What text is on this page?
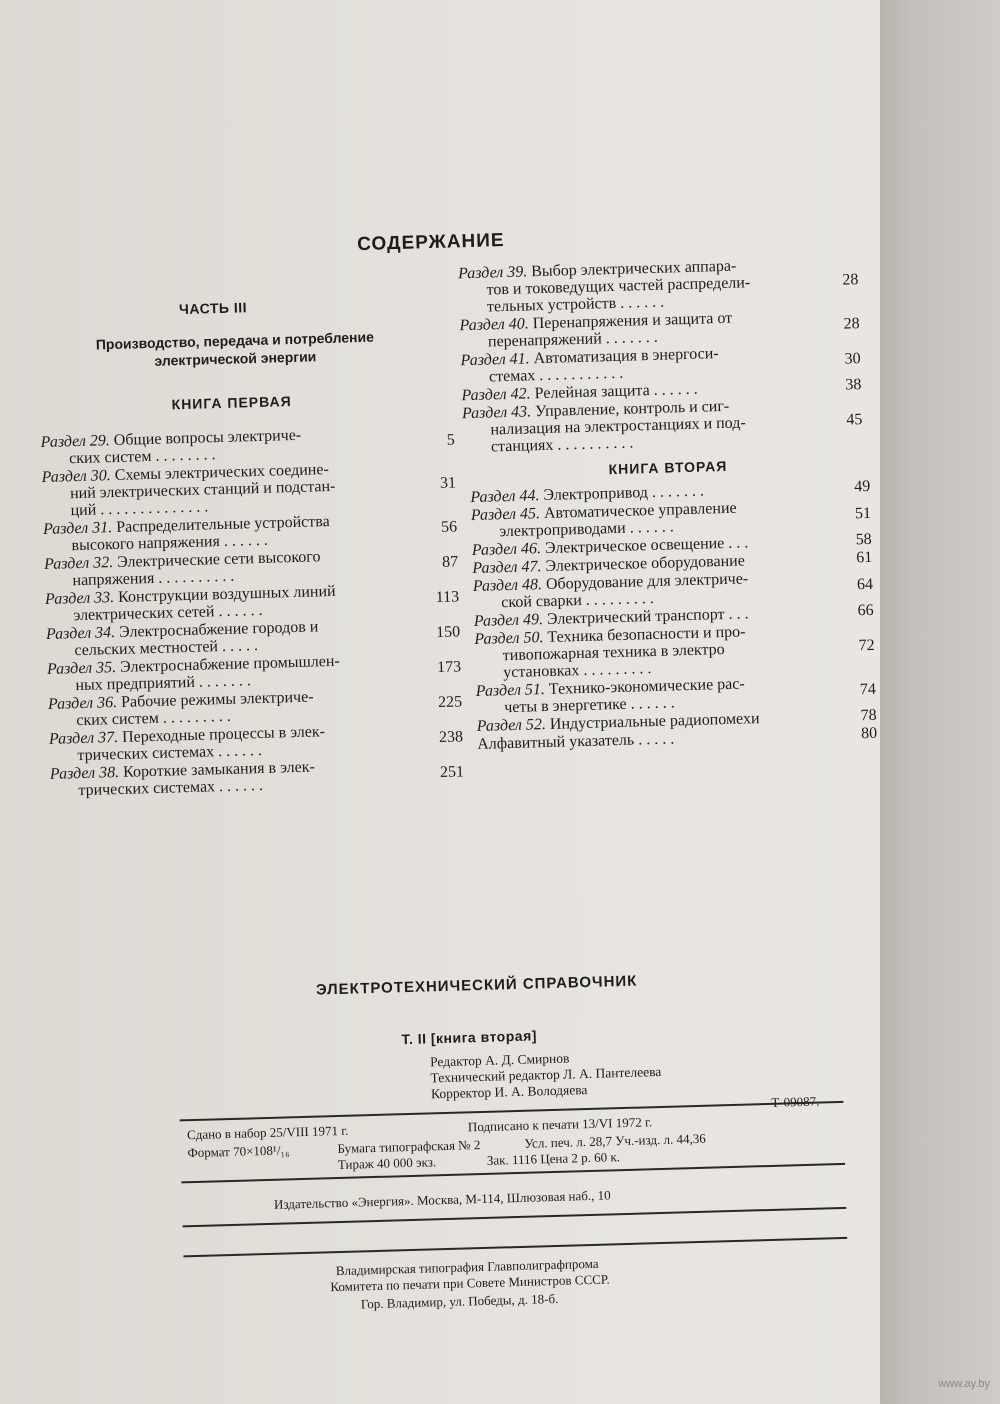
СОДЕРЖАНИЕ
ЧАСТЬ III
Производство, передача и потребление
электрической энергии
КНИГА ПЕРВАЯ
Раздел 29. Общие вопросы электриче-
ских систем . . . . . . . .
5
Раздел 30. Схемы электрических соедине-
ний электрических станций и подстан-
ций . . . . . . . . . . . . . .
31
Раздел 31. Распределительные устройства
высокого напряжения . . . . . .
56
Раздел 32. Электрические сети высокого
напряжения . . . . . . . . . .
87
Раздел 33. Конструкции воздушных линий
электрических сетей . . . . . .
113
Раздел 34. Электроснабжение городов и
сельских местностей . . . . .
150
Раздел 35. Электроснабжение промышлен-
ных предприятий . . . . . . .
173
Раздел 36. Рабочие режимы электриче-
ских систем . . . . . . . . .
225
Раздел 37. Переходные процессы в элек-
трических системах . . . . . .
238
Раздел 38. Короткие замыкания в элек-
трических системах . . . . . .
251
Раздел 39. Выбор электрических аппара-
тов и токоведущих частей распредели-
тельных устройств . . . . . .
28
Раздел 40. Перенапряжения и защита от
перенапряжений . . . . . . .
28
Раздел 41. Автоматизация в энергоси-
стемах . . . . . . . . . . .
30
Раздел 42. Релейная защита . . . . . .	38
Раздел 43. Управление, контроль и сиг-
нализация на электростанциях и под-
станциях . . . . . . . . . .
45
КНИГА ВТОРАЯ
Раздел 44. Электропривод . . . . . . .	49
Раздел 45. Автоматическое управление
электроприводами . . . . . .
51
Раздел 46. Электрическое освещение . . .	58
Раздел 47. Электрическое оборудование	61
Раздел 48. Оборудование для электриче-
ской сварки . . . . . . . . .
64
Раздел 49. Электрический транспорт . . .	66
Раздел 50. Техника безопасности и про-
тивопожарная техника в электро
установках . . . . . . . . .
72
Раздел 51. Технико-экономические рас-
четы в энергетике . . . . . .
74
Раздел 52. Индустриальные радиопомехи	78
Алфавитный указатель . . . . .	80
ЭЛЕКТРОТЕХНИЧЕСКИЙ СПРАВОЧНИК
Т. II [книга вторая]
Редактор А. Д. Смирнов
Технический редактор Л. А. Пантелеева
Корректор И. А. Володяева
Сдано в набор 25/VIII 1971 г.	Подписано к печати 13/VI 1972 г.
Т-09087.
Формат 70×108¹/₁₆	Бумага типографская № 2	Усл. печ. л. 28,7 Уч.-изд. л. 44,36
Тираж 40 000 экз.	Зак. 1116 Цена 2 р. 60 к.
Издательство «Энергия». Москва, М-114, Шлюзовая наб., 10
Владимирская типография Главполиграфпрома
Комитета по печати при Совете Министров СССР.
Гор. Владимир, ул. Победы, д. 18-б.
www.ay.by
